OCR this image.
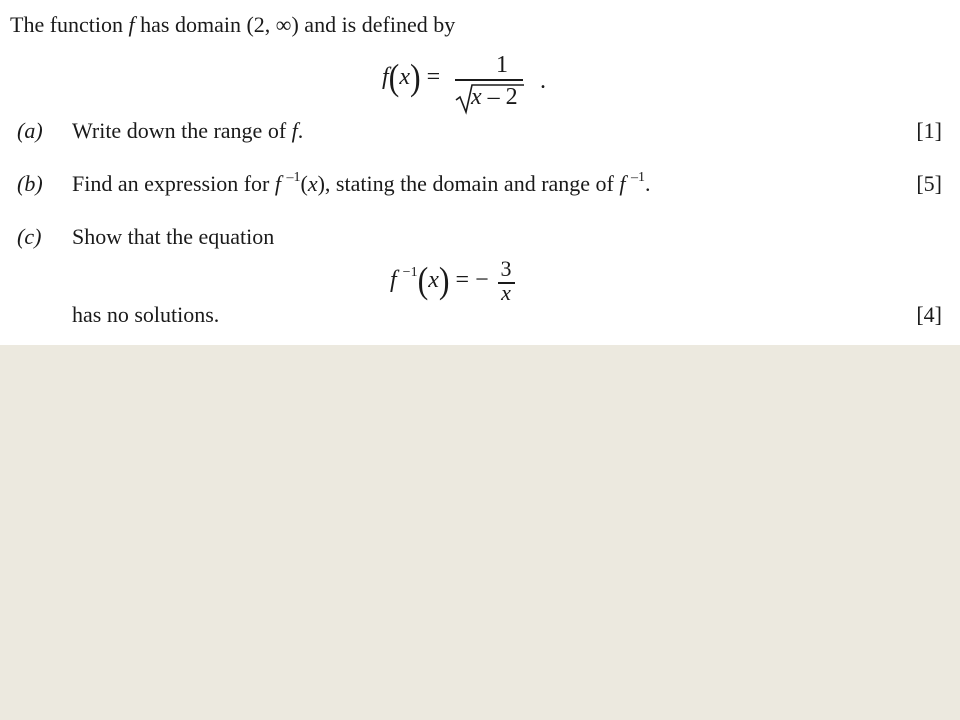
The function f has domain (2, ∞) and is defined by
f(x) =	1
x – 2
.
(a) Write down the range of f.	[1]
(b) Find an expression for f $^{-1}$(x), stating the domain and range of f $^{-1}$.	[5]
(c) Show that the equation
f $^{-1}$(x) = − 3
x
has no solutions.	[4]
